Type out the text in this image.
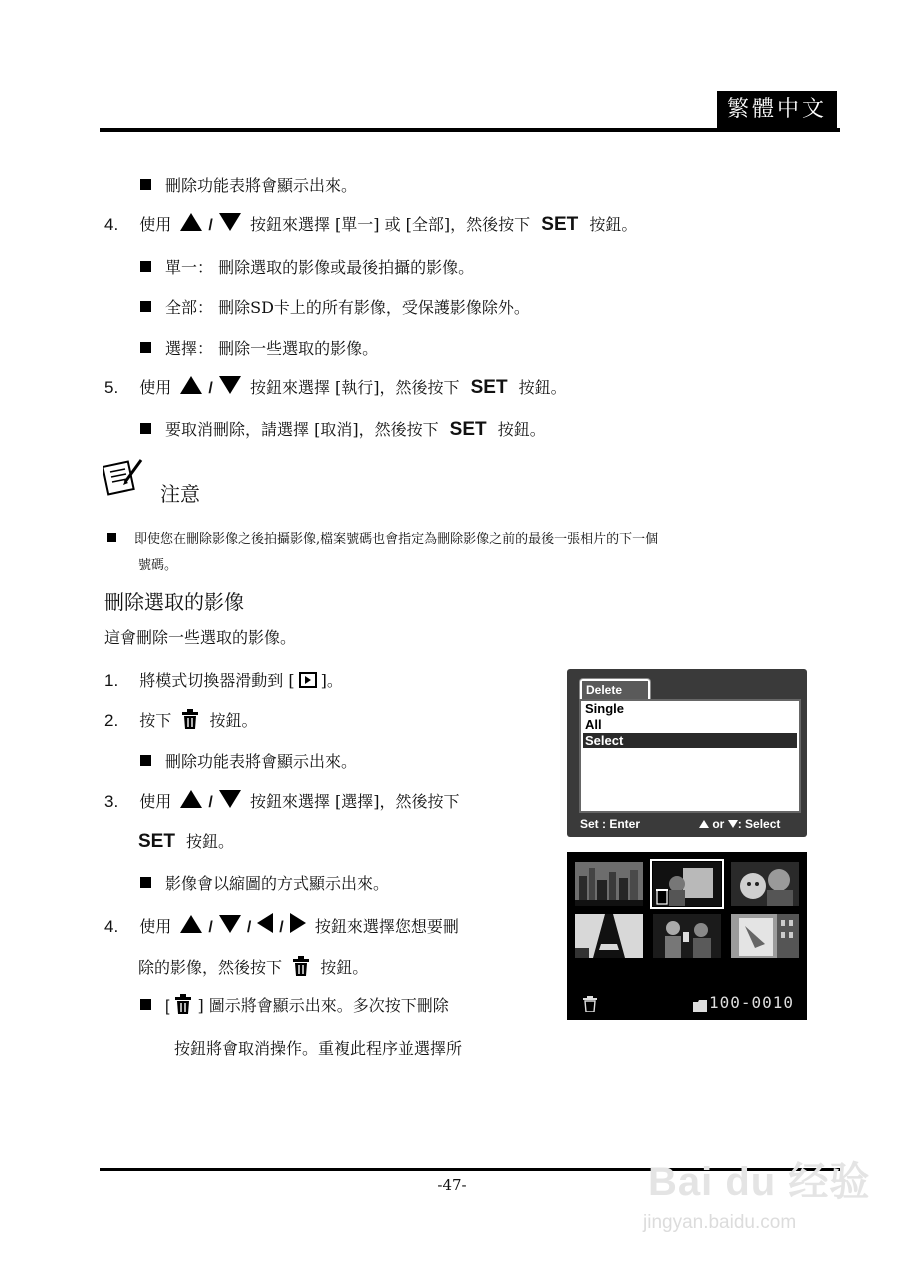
繁體中文
刪除功能表將會顯示出來。
4. 使用 / 按鈕來選擇 [單一] 或 [全部]，然後按下 SET 按鈕。
單一： 刪除選取的影像或最後拍攝的影像。
全部： 刪除SD卡上的所有影像，受保護影像除外。
選擇： 刪除一些選取的影像。
5. 使用 / 按鈕來選擇 [執行]，然後按下 SET 按鈕。
要取消刪除，請選擇 [取消]，然後按下 SET 按鈕。
注意
即使您在刪除影像之後拍攝影像,檔案號碼也會指定為刪除影像之前的最後一張相片的下一個
號碼。
刪除選取的影像
這會刪除一些選取的影像。
1. 將模式切換器滑動到 [ ]。
2. 按下 按鈕。
刪除功能表將會顯示出來。
3. 使用 / 按鈕來選擇 [選擇]，然後按下
SET 按鈕。
影像會以縮圖的方式顯示出來。
4. 使用 / / / 按鈕來選擇您想要刪
除的影像，然後按下 按鈕。
[ ] 圖示將會顯示出來。多次按下刪除
按鈕將會取消操作。重複此程序並選擇所
Delete
Single
All
Select
Set : Enter	or : Select
100-0010
-47-	Bai du 经验
jingyan.baidu.com
